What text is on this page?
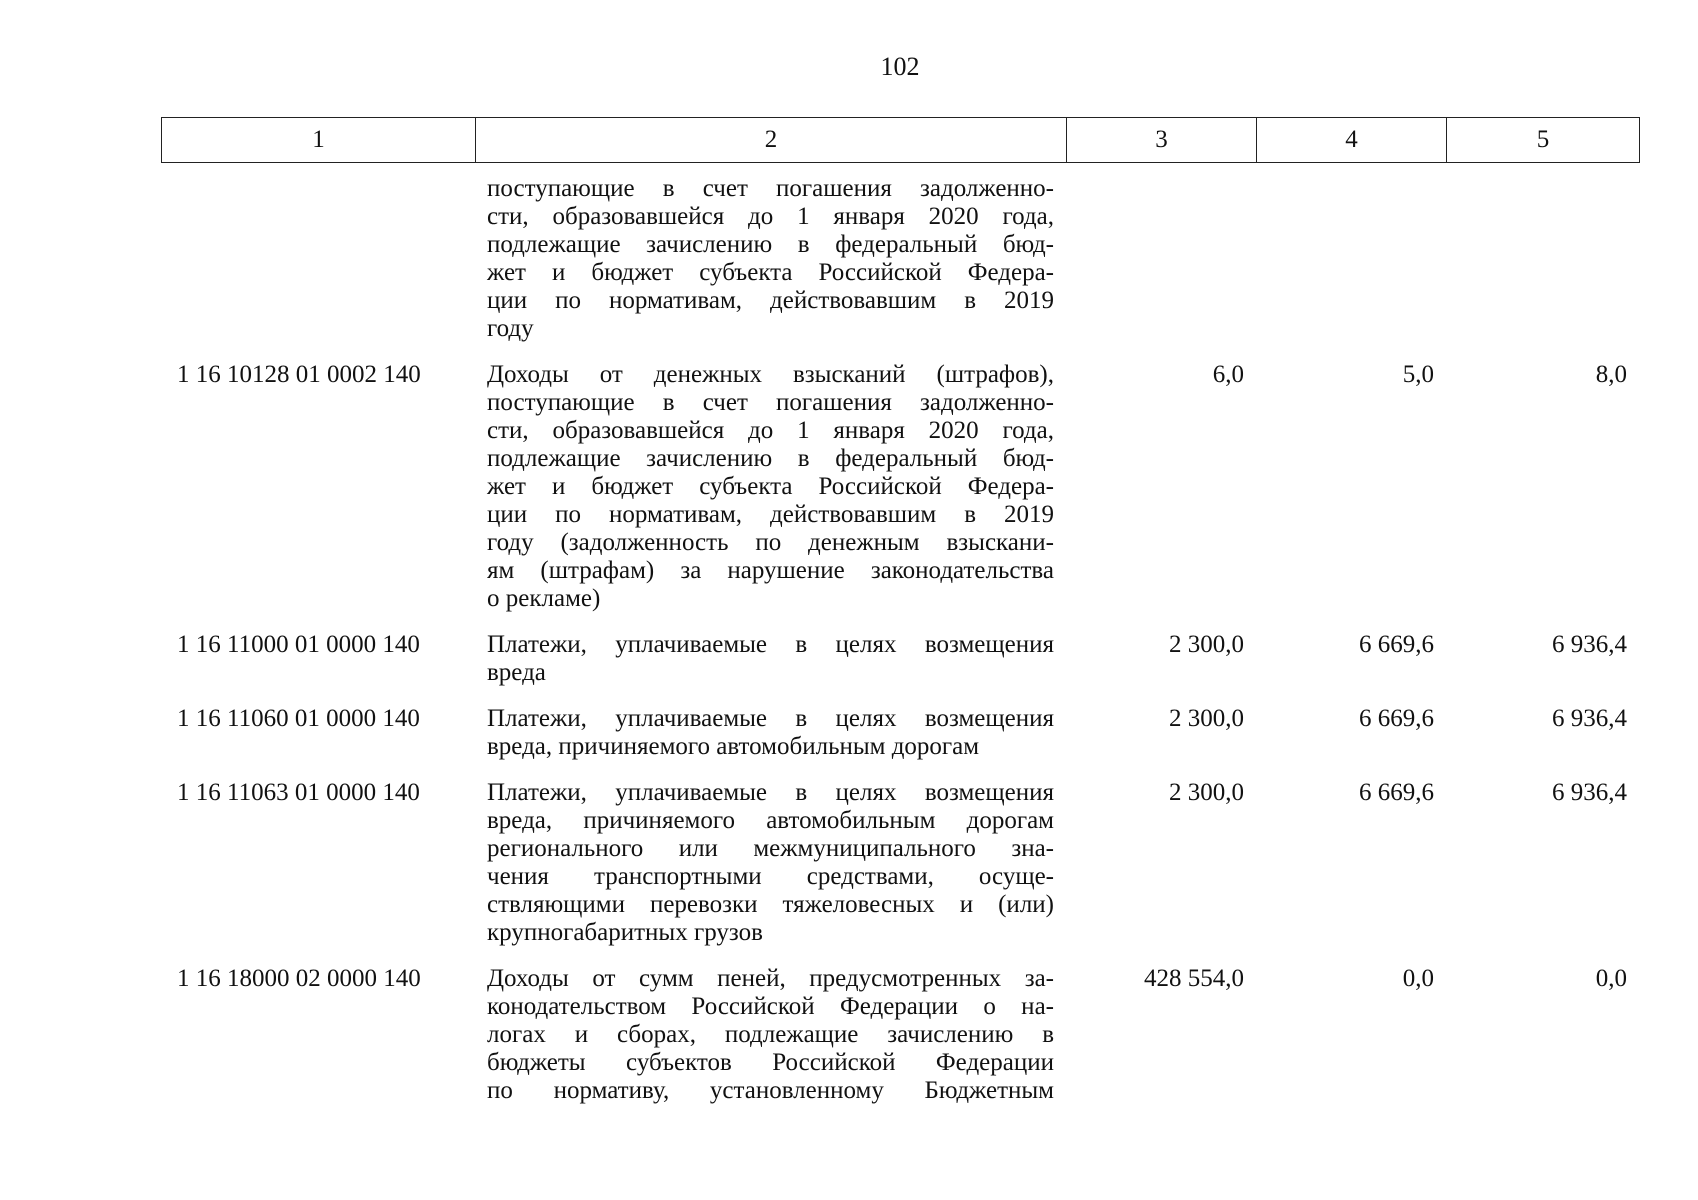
102
1	2	3	4	5
поступающие в счет погашения задолженно-
сти, образовавшейся до 1 января 2020 года,
подлежащие зачислению в федеральный бюд-
жет и бюджет субъекта Российской Федера-
ции по нормативам, действовавшим в 2019
году
1 16 10128 01 0002 140	Доходы от денежных взысканий (штрафов),
поступающие в счет погашения задолженно-
сти, образовавшейся до 1 января 2020 года,
подлежащие зачислению в федеральный бюд-
жет и бюджет субъекта Российской Федера-
ции по нормативам, действовавшим в 2019
году (задолженность по денежным взыскани-
ям (штрафам) за нарушение законодательства
о рекламе)
6,0	5,0	8,0
1 16 11000 01 0000 140	Платежи, уплачиваемые в целях возмещения
вреда
2 300,0	6 669,6	6 936,4
1 16 11060 01 0000 140	Платежи, уплачиваемые в целях возмещения
вреда, причиняемого автомобильным дорогам
2 300,0	6 669,6	6 936,4
1 16 11063 01 0000 140	Платежи, уплачиваемые в целях возмещения
вреда, причиняемого автомобильным дорогам
регионального или межмуниципального зна-
чения транспортными средствами, осуще-
ствляющими перевозки тяжеловесных и (или)
крупногабаритных грузов
2 300,0	6 669,6	6 936,4
1 16 18000 02 0000 140	Доходы от сумм пеней, предусмотренных за-
конодательством Российской Федерации о на-
логах и сборах, подлежащие зачислению в
бюджеты субъектов Российской Федерации
по нормативу, установленному Бюджетным
428 554,0	0,0	0,0
